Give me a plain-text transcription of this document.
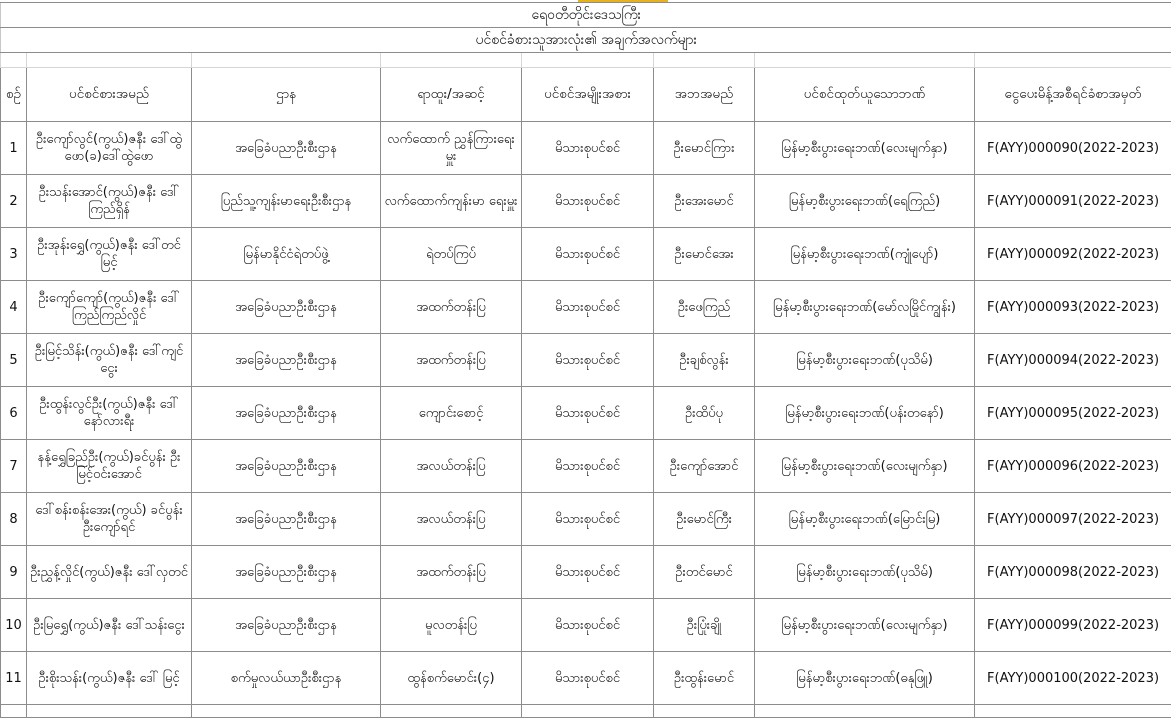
ရေဝတီတိုင်းဒေသကြီး							
ပင်စင်ခံစားသူအားလုံး၏ အချက်အလက်များ							

စဉ်	ပင်စင်စားအမည်	ဌာန	ရာထူး/အဆင့်	ပင်စင်အမျိုးအစား	အဘအမည်	ပင်စင်ထုတ်ယူသောဘဏ်	ငွေပေးမိန့်အစီရင်ခံစာအမှတ်
1	ဦးကျော်လွင်(ကွယ်)ဇနီး ဒေါ်ထွဲဖော(ခ)ဒေါ်ထွဲဖော	အခြေခံပညာဦးစီးဌာန	လက်ထောက် ညွှန်ကြားရေးမှူး	မိသားစုပင်စင်	ဦးမောင်ကြား	မြန်မာ့စီးပွားရေးဘဏ်(လေးမျက်နှာ)	F(AYY)000090(2022-2023)
2	ဦးသန်းအောင်(ကွယ်)ဇနီး ဒေါ်ကြည်ရှိန်	ပြည်သူ့ကျန်းမာရေးဦးစီးဌာန	လက်ထောက်ကျန်းမာ ရေးမှူး	မိသားစုပင်စင်	ဦးအေးမောင်	မြန်မာ့စီးပွားရေးဘဏ်(ရေကြည်)	F(AYY)000091(2022-2023)
3	ဦးအုန်းရွှေ(ကွယ်)ဇနီး ဒေါ်တင်မြင့်	မြန်မာနိုင်ငံရဲတပ်ဖွဲ့	ရဲတပ်ကြပ်	မိသားစုပင်စင်	ဦးမောင်အေး	မြန်မာ့စီးပွားရေးဘဏ်(ကျုံပျော်)	F(AYY)000092(2022-2023)
4	ဦးကျော်ကျော်(ကွယ်)ဇနီး ဒေါ်ကြည်ကြည်လှိုင်	အခြေခံပညာဦးစီးဌာန	အထက်တန်းပြ	မိသားစုပင်စင်	ဦးဖေကြည်	မြန်မာ့စီးပွားရေးဘဏ်(မော်လမြိုင်ကျွန်း)	F(AYY)000093(2022-2023)
5	ဦးမြင့်သိန်း(ကွယ်)ဇနီး ဒေါ်ကျင်ငွေး	အခြေခံပညာဦးစီးဌာန	အထက်တန်းပြ	မိသားစုပင်စင်	ဦးချစ်လွန်း	မြန်မာ့စီးပွားရေးဘဏ်(ပုသိမ်)	F(AYY)000094(2022-2023)
6	ဦးထွန်းလွင်ဦး(ကွယ်)ဇနီး ဒေါ်နော်လားရီး	အခြေခံပညာဦးစီးဌာန	ကျောင်းစောင့်	မိသားစုပင်စင်	ဦးထိပ်ပု	မြန်မာ့စီးပွားရေးဘဏ်(ပန်းတနော်)	F(AYY)000095(2022-2023)
7	နန့်ရွှေခြည်ဦး(ကွယ်)ခင်ပွန်း ဦးမြင့်ဝင်းအောင်	အခြေခံပညာဦးစီးဌာန	အလယ်တန်းပြ	မိသားစုပင်စင်	ဦးကျော်အောင်	မြန်မာ့စီးပွားရေးဘဏ်(လေးမျက်နှာ)	F(AYY)000096(2022-2023)
8	ဒေါ်စန်းစန်းအေး(ကွယ်) ခင်ပွန်း ဦးကျော်ရင်	အခြေခံပညာဦးစီးဌာန	အလယ်တန်းပြ	မိသားစုပင်စင်	ဦးမောင်ကြီး	မြန်မာ့စီးပွားရေးဘဏ်(မြောင်းမြ)	F(AYY)000097(2022-2023)
9	ဦးညွှန့်လှိုင်(ကွယ်)ဇနီး ဒေါ်လှတင်	အခြေခံပညာဦးစီးဌာန	အထက်တန်းပြ	မိသားစုပင်စင်	ဦးတင်မောင်	မြန်မာ့စီးပွားရေးဘဏ်(ပုသိမ်)	F(AYY)000098(2022-2023)
10	ဦးမြရွှေ(ကွယ်)ဇနီး ဒေါ်သန်းငွေး	အခြေခံပညာဦးစီးဌာန	မူလတန်းပြ	မိသားစုပင်စင်	ဦးပြုံးချို	မြန်မာ့စီးပွားရေးဘဏ်(လေးမျက်နှာ)	F(AYY)000099(2022-2023)
11	ဦးစိုးသန်း(ကွယ်)ဇနီး ဒေါ် မြင့်	စက်မှုလယ်ယာဦးစီးဌာန	ထွန်စက်မောင်း(၄)	မိသားစုပင်စင်	ဦးထွန်းမောင်	မြန်မာ့စီးပွားရေးဘဏ်(ဓနုဖြူ)	F(AYY)000100(2022-2023)
